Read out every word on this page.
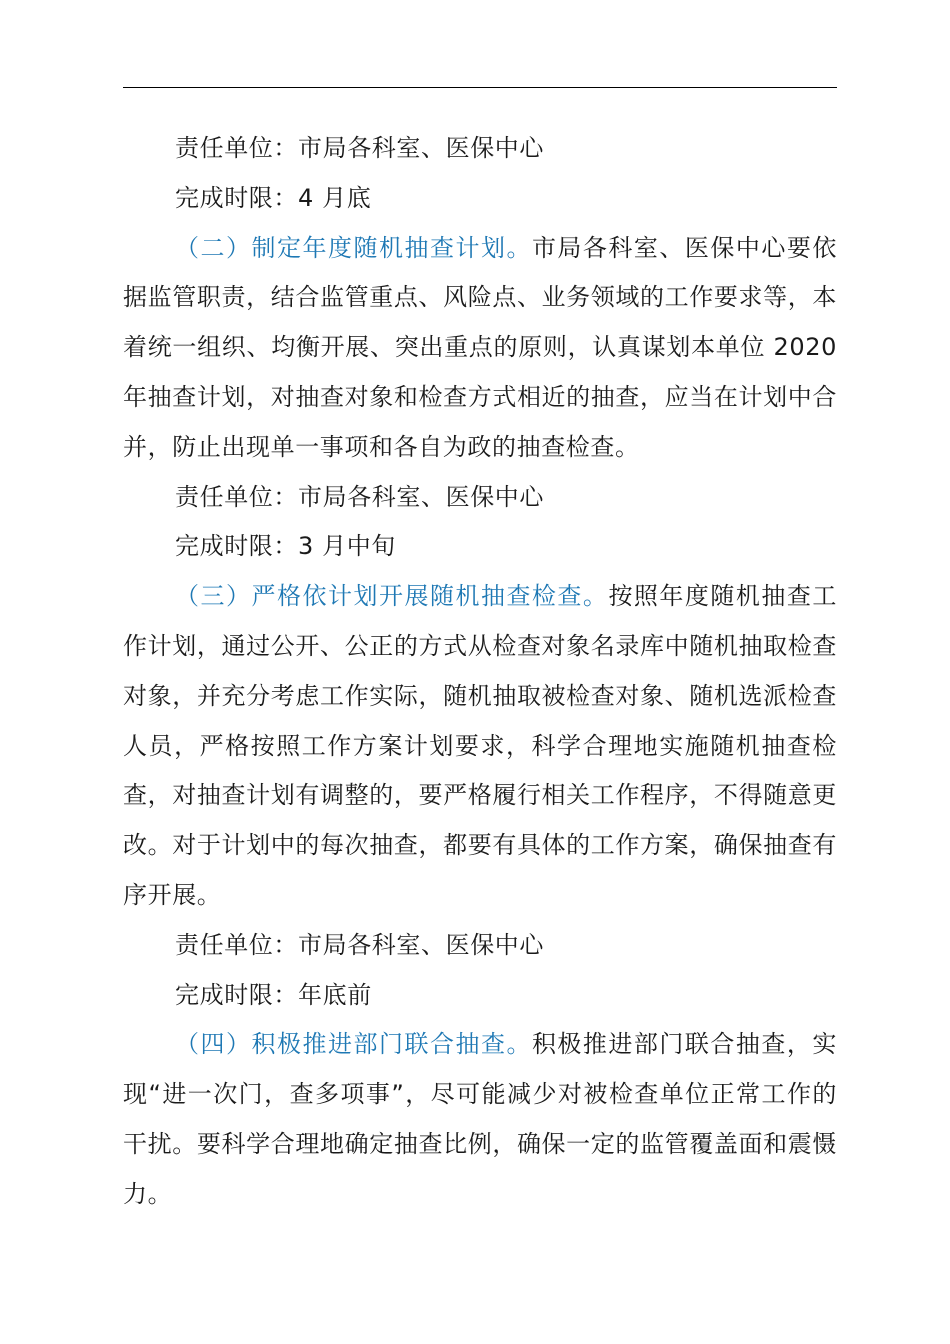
责任单位：市局各科室、医保中心

完成时限：4 月底

（二）制定年度随机抽查计划。市局各科室、医保中心要依据监管职责，结合监管重点、风险点、业务领域的工作要求等，本着统一组织、均衡开展、突出重点的原则，认真谋划本单位 2020 年抽查计划，对抽查对象和检查方式相近的抽查，应当在计划中合并，防止出现单一事项和各自为政的抽查检查。

责任单位：市局各科室、医保中心

完成时限：3 月中旬

（三）严格依计划开展随机抽查检查。按照年度随机抽查工作计划，通过公开、公正的方式从检查对象名录库中随机抽取检查对象，并充分考虑工作实际，随机抽取被检查对象、随机选派检查人员，严格按照工作方案计划要求，科学合理地实施随机抽查检查，对抽查计划有调整的，要严格履行相关工作程序，不得随意更改。对于计划中的每次抽查，都要有具体的工作方案，确保抽查有序开展。

责任单位：市局各科室、医保中心

完成时限：年底前

（四）积极推进部门联合抽查。积极推进部门联合抽查，实现“进一次门，查多项事”，尽可能减少对被检查单位正常工作的干扰。要科学合理地确定抽查比例，确保一定的监管覆盖面和震慑力。
